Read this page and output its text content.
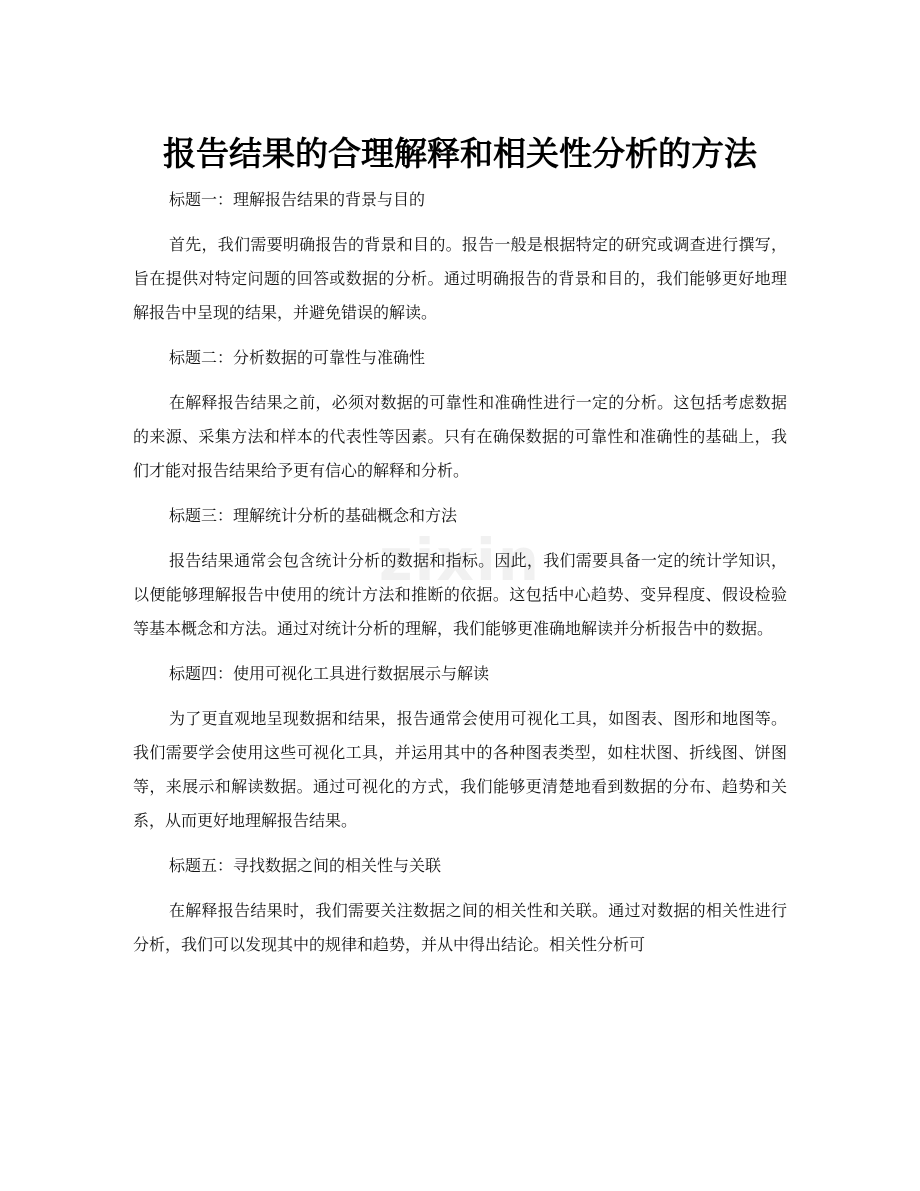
zixin
报告结果的合理解释和相关性分析的方法

标题一：理解报告结果的背景与目的

首先，我们需要明确报告的背景和目的。报告一般是根据特定的研究或调查进行撰写，旨在提供对特定问题的回答或数据的分析。通过明确报告的背景和目的，我们能够更好地理解报告中呈现的结果，并避免错误的解读。

标题二：分析数据的可靠性与准确性

在解释报告结果之前，必须对数据的可靠性和准确性进行一定的分析。这包括考虑数据的来源、采集方法和样本的代表性等因素。只有在确保数据的可靠性和准确性的基础上，我们才能对报告结果给予更有信心的解释和分析。

标题三：理解统计分析的基础概念和方法

报告结果通常会包含统计分析的数据和指标。因此，我们需要具备一定的统计学知识，以便能够理解报告中使用的统计方法和推断的依据。这包括中心趋势、变异程度、假设检验等基本概念和方法。通过对统计分析的理解，我们能够更准确地解读并分析报告中的数据。

标题四：使用可视化工具进行数据展示与解读

为了更直观地呈现数据和结果，报告通常会使用可视化工具，如图表、图形和地图等。我们需要学会使用这些可视化工具，并运用其中的各种图表类型，如柱状图、折线图、饼图等，来展示和解读数据。通过可视化的方式，我们能够更清楚地看到数据的分布、趋势和关系，从而更好地理解报告结果。

标题五：寻找数据之间的相关性与关联

在解释报告结果时，我们需要关注数据之间的相关性和关联。通过对数据的相关性进行分析，我们可以发现其中的规律和趋势，并从中得出结论。相关性分析可
